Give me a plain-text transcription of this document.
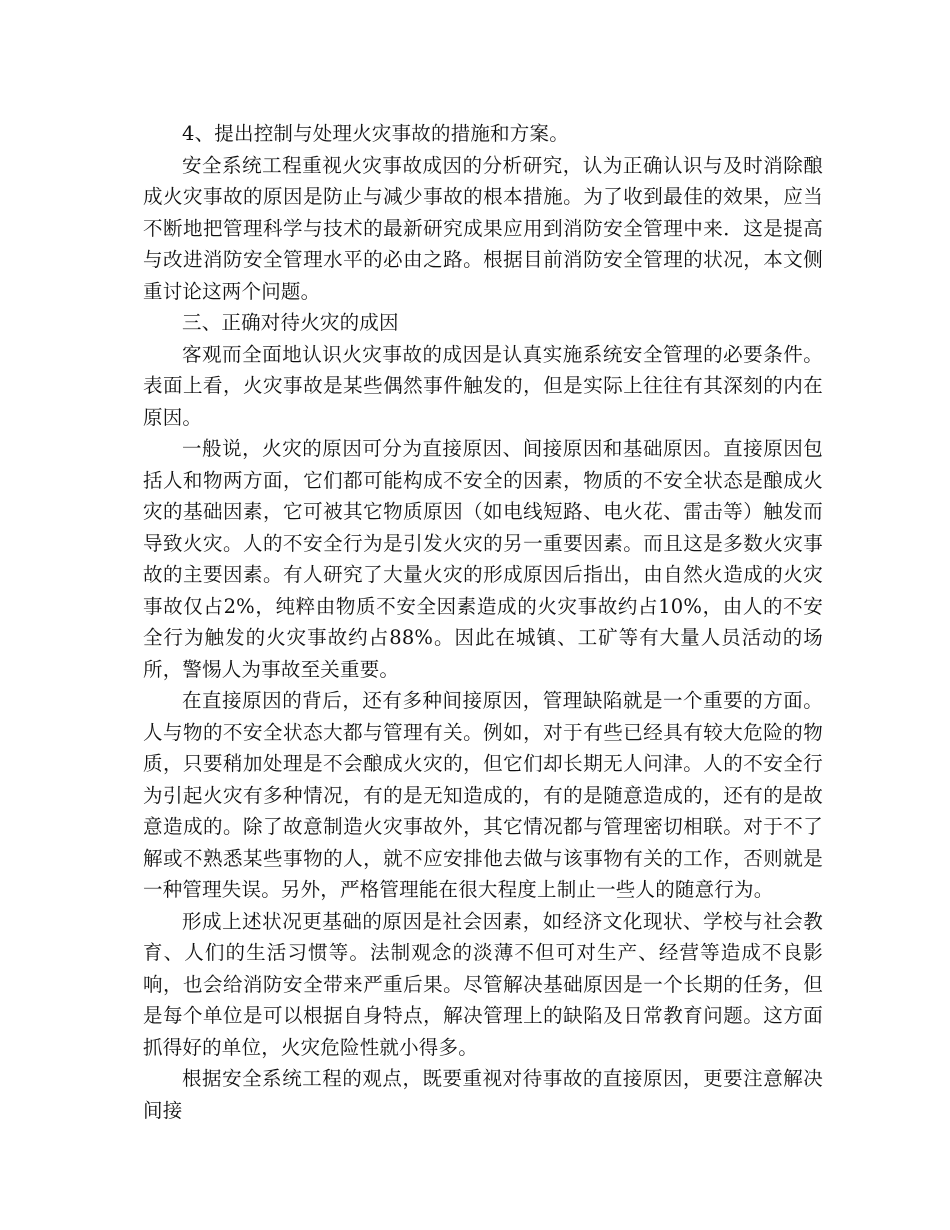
4、提出控制与处理火灾事故的措施和方案。

安全系统工程重视火灾事故成因的分析研究，认为正确认识与及时消除酿成火灾事故的原因是防止与减少事故的根本措施。为了收到最佳的效果，应当不断地把管理科学与技术的最新研究成果应用到消防安全管理中来．这是提高与改进消防安全管理水平的必由之路。根据目前消防安全管理的状况，本文侧重讨论这两个问题。

三、正确对待火灾的成因

客观而全面地认识火灾事故的成因是认真实施系统安全管理的必要条件。表面上看，火灾事故是某些偶然事件触发的，但是实际上往往有其深刻的内在原因。

一般说，火灾的原因可分为直接原因、间接原因和基础原因。直接原因包括人和物两方面，它们都可能构成不安全的因素，物质的不安全状态是酿成火灾的基础因素，它可被其它物质原因（如电线短路、电火花、雷击等）触发而导致火灾。人的不安全行为是引发火灾的另一重要因素。而且这是多数火灾事故的主要因素。有人研究了大量火灾的形成原因后指出，由自然火造成的火灾事故仅占2%，纯粹由物质不安全因素造成的火灾事故约占10%，由人的不安全行为触发的火灾事故约占88%。因此在城镇、工矿等有大量人员活动的场所，警惕人为事故至关重要。

在直接原因的背后，还有多种间接原因，管理缺陷就是一个重要的方面。人与物的不安全状态大都与管理有关。例如，对于有些已经具有较大危险的物质，只要稍加处理是不会酿成火灾的，但它们却长期无人问津。人的不安全行为引起火灾有多种情况，有的是无知造成的，有的是随意造成的，还有的是故意造成的。除了故意制造火灾事故外，其它情况都与管理密切相联。对于不了解或不熟悉某些事物的人，就不应安排他去做与该事物有关的工作，否则就是一种管理失误。另外，严格管理能在很大程度上制止一些人的随意行为。

形成上述状况更基础的原因是社会因素，如经济文化现状、学校与社会教育、人们的生活习惯等。法制观念的淡薄不但可对生产、经营等造成不良影响，也会给消防安全带来严重后果。尽管解决基础原因是一个长期的任务，但是每个单位是可以根据自身特点，解决管理上的缺陷及日常教育问题。这方面抓得好的单位，火灾危险性就小得多。

根据安全系统工程的观点，既要重视对待事故的直接原因，更要注意解决间接
